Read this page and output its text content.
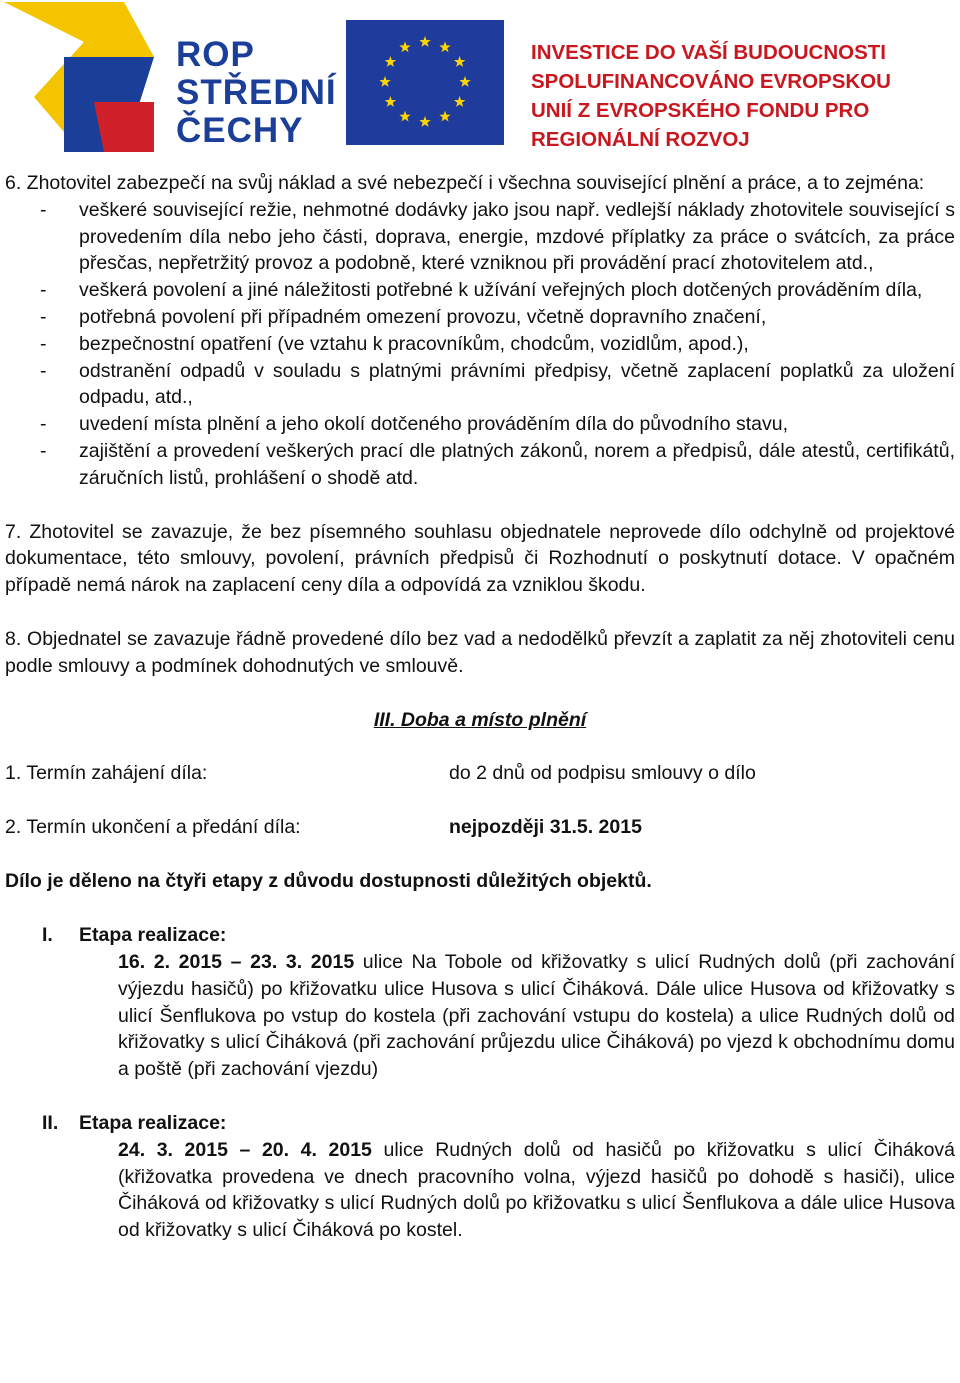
ROP
STŘEDNÍ
ČECHY
INVESTICE DO VAŠÍ BUDOUCNOSTI
SPOLUFINANCOVÁNO EVROPSKOU
UNIÍ Z EVROPSKÉHO FONDU PRO
REGIONÁLNÍ ROZVOJ

6. Zhotovitel zabezpečí na svůj náklad a své nebezpečí i všechna související plnění a práce, a to zejména:

- veškeré související režie, nehmotné dodávky jako jsou např. vedlejší náklady zhotovitele související s provedením díla nebo jeho části, doprava, energie, mzdové příplatky za práce o svátcích, za práce přesčas, nepřetržitý provoz a podobně, které vzniknou při provádění prací zhotovitelem atd.,
- veškerá povolení a jiné náležitosti potřebné k užívání veřejných ploch dotčených prováděním díla,
- potřebná povolení při případném omezení provozu, včetně dopravního značení,
- bezpečnostní opatření (ve vztahu k pracovníkům, chodcům, vozidlům, apod.),
- odstranění odpadů v souladu s platnými právními předpisy, včetně zaplacení poplatků za uložení odpadu, atd.,
- uvedení místa plnění a jeho okolí dotčeného prováděním díla do původního stavu,
- zajištění a provedení veškerých prací dle platných zákonů, norem a předpisů, dále atestů, certifikátů, záručních listů, prohlášení o shodě atd.

7. Zhotovitel se zavazuje, že bez písemného souhlasu objednatele neprovede dílo odchylně od projektové dokumentace, této smlouvy, povolení, právních předpisů či Rozhodnutí o poskytnutí dotace. V opačném případě nemá nárok na zaplacení ceny díla a odpovídá za vzniklou škodu.

8. Objednatel se zavazuje řádně provedené dílo bez vad a nedodělků převzít a zaplatit za něj zhotoviteli cenu podle smlouvy a podmínek dohodnutých ve smlouvě.

III. Doba a místo plnění

1. Termín zahájení díla:	do 2 dnů od podpisu smlouvy o dílo
2. Termín ukončení a předání díla:	nejpozději 31.5. 2015

Dílo je děleno na čtyři etapy z důvodu dostupnosti důležitých objektů.

I. Etapa realizace:

16. 2. 2015 – 23. 3. 2015 ulice Na Tobole od křižovatky s ulicí Rudných dolů (při zachování výjezdu hasičů) po křižovatku ulice Husova s ulicí Čiháková. Dále ulice Husova od křižovatky s ulicí Šenflukova po vstup do kostela (při zachování vstupu do kostela) a ulice Rudných dolů od křižovatky s ulicí Čiháková (při zachování průjezdu ulice Čiháková) po vjezd k obchodnímu domu a poště (při zachování vjezdu)

II. Etapa realizace:

24. 3. 2015 – 20. 4. 2015 ulice Rudných dolů od hasičů po křižovatku s ulicí Čiháková (křižovatka provedena ve dnech pracovního volna, výjezd hasičů po dohodě s hasiči), ulice Čiháková od křižovatky s ulicí Rudných dolů po křižovatku s ulicí Šenflukova a dále ulice Husova od křižovatky s ulicí Čiháková po kostel.
